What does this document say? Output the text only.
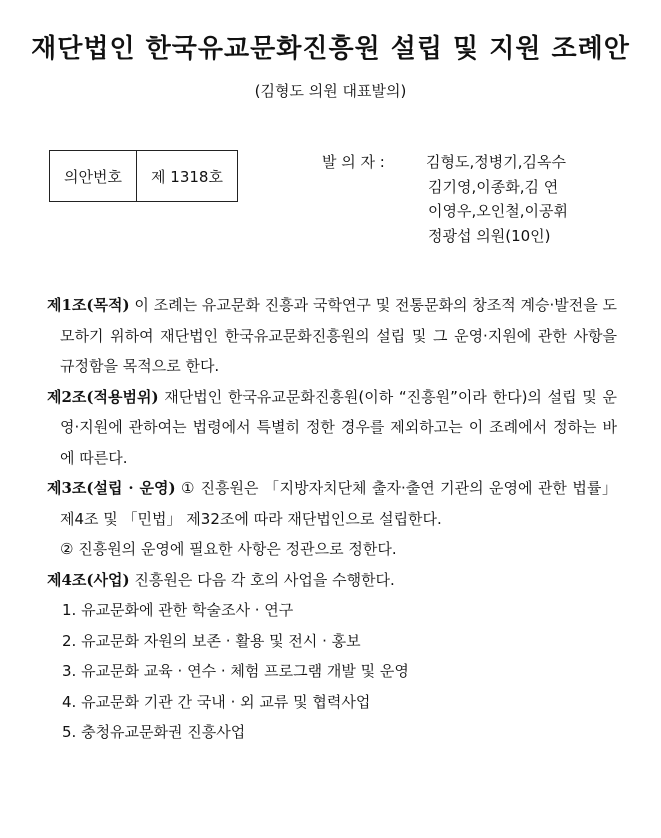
재단법인 한국유교문화진흥원 설립 및 지원 조례안
(김형도 의원 대표발의)
의안번호	제 1318호
발 의 자 :	김형도,정병기,김옥수
김기영,이종화,김 연
이영우,오인철,이공휘
정광섭 의원(10인)

제1조(목적) 이 조례는 유교문화 진흥과 국학연구 및 전통문화의 창조적 계승·발전을 도모하기 위하여 재단법인 한국유교문화진흥원의 설립 및 그 운영·지원에 관한 사항을 규정함을 목적으로 한다.

제2조(적용범위) 재단법인 한국유교문화진흥원(이하 “진흥원”이라 한다)의 설립 및 운영·지원에 관하여는 법령에서 특별히 정한 경우를 제외하고는 이 조례에서 정하는 바에 따른다.

제3조(설립 · 운영) ① 진흥원은 「지방자치단체 출자·출연 기관의 운영에 관한 법률」 제4조 및 「민법」 제32조에 따라 재단법인으로 설립한다.

② 진흥원의 운영에 필요한 사항은 정관으로 정한다.

제4조(사업) 진흥원은 다음 각 호의 사업을 수행한다.

1. 유교문화에 관한 학술조사 · 연구

2. 유교문화 자원의 보존 · 활용 및 전시 · 홍보

3. 유교문화 교육 · 연수 · 체험 프로그램 개발 및 운영

4. 유교문화 기관 간 국내 · 외 교류 및 협력사업

5. 충청유교문화권 진흥사업
